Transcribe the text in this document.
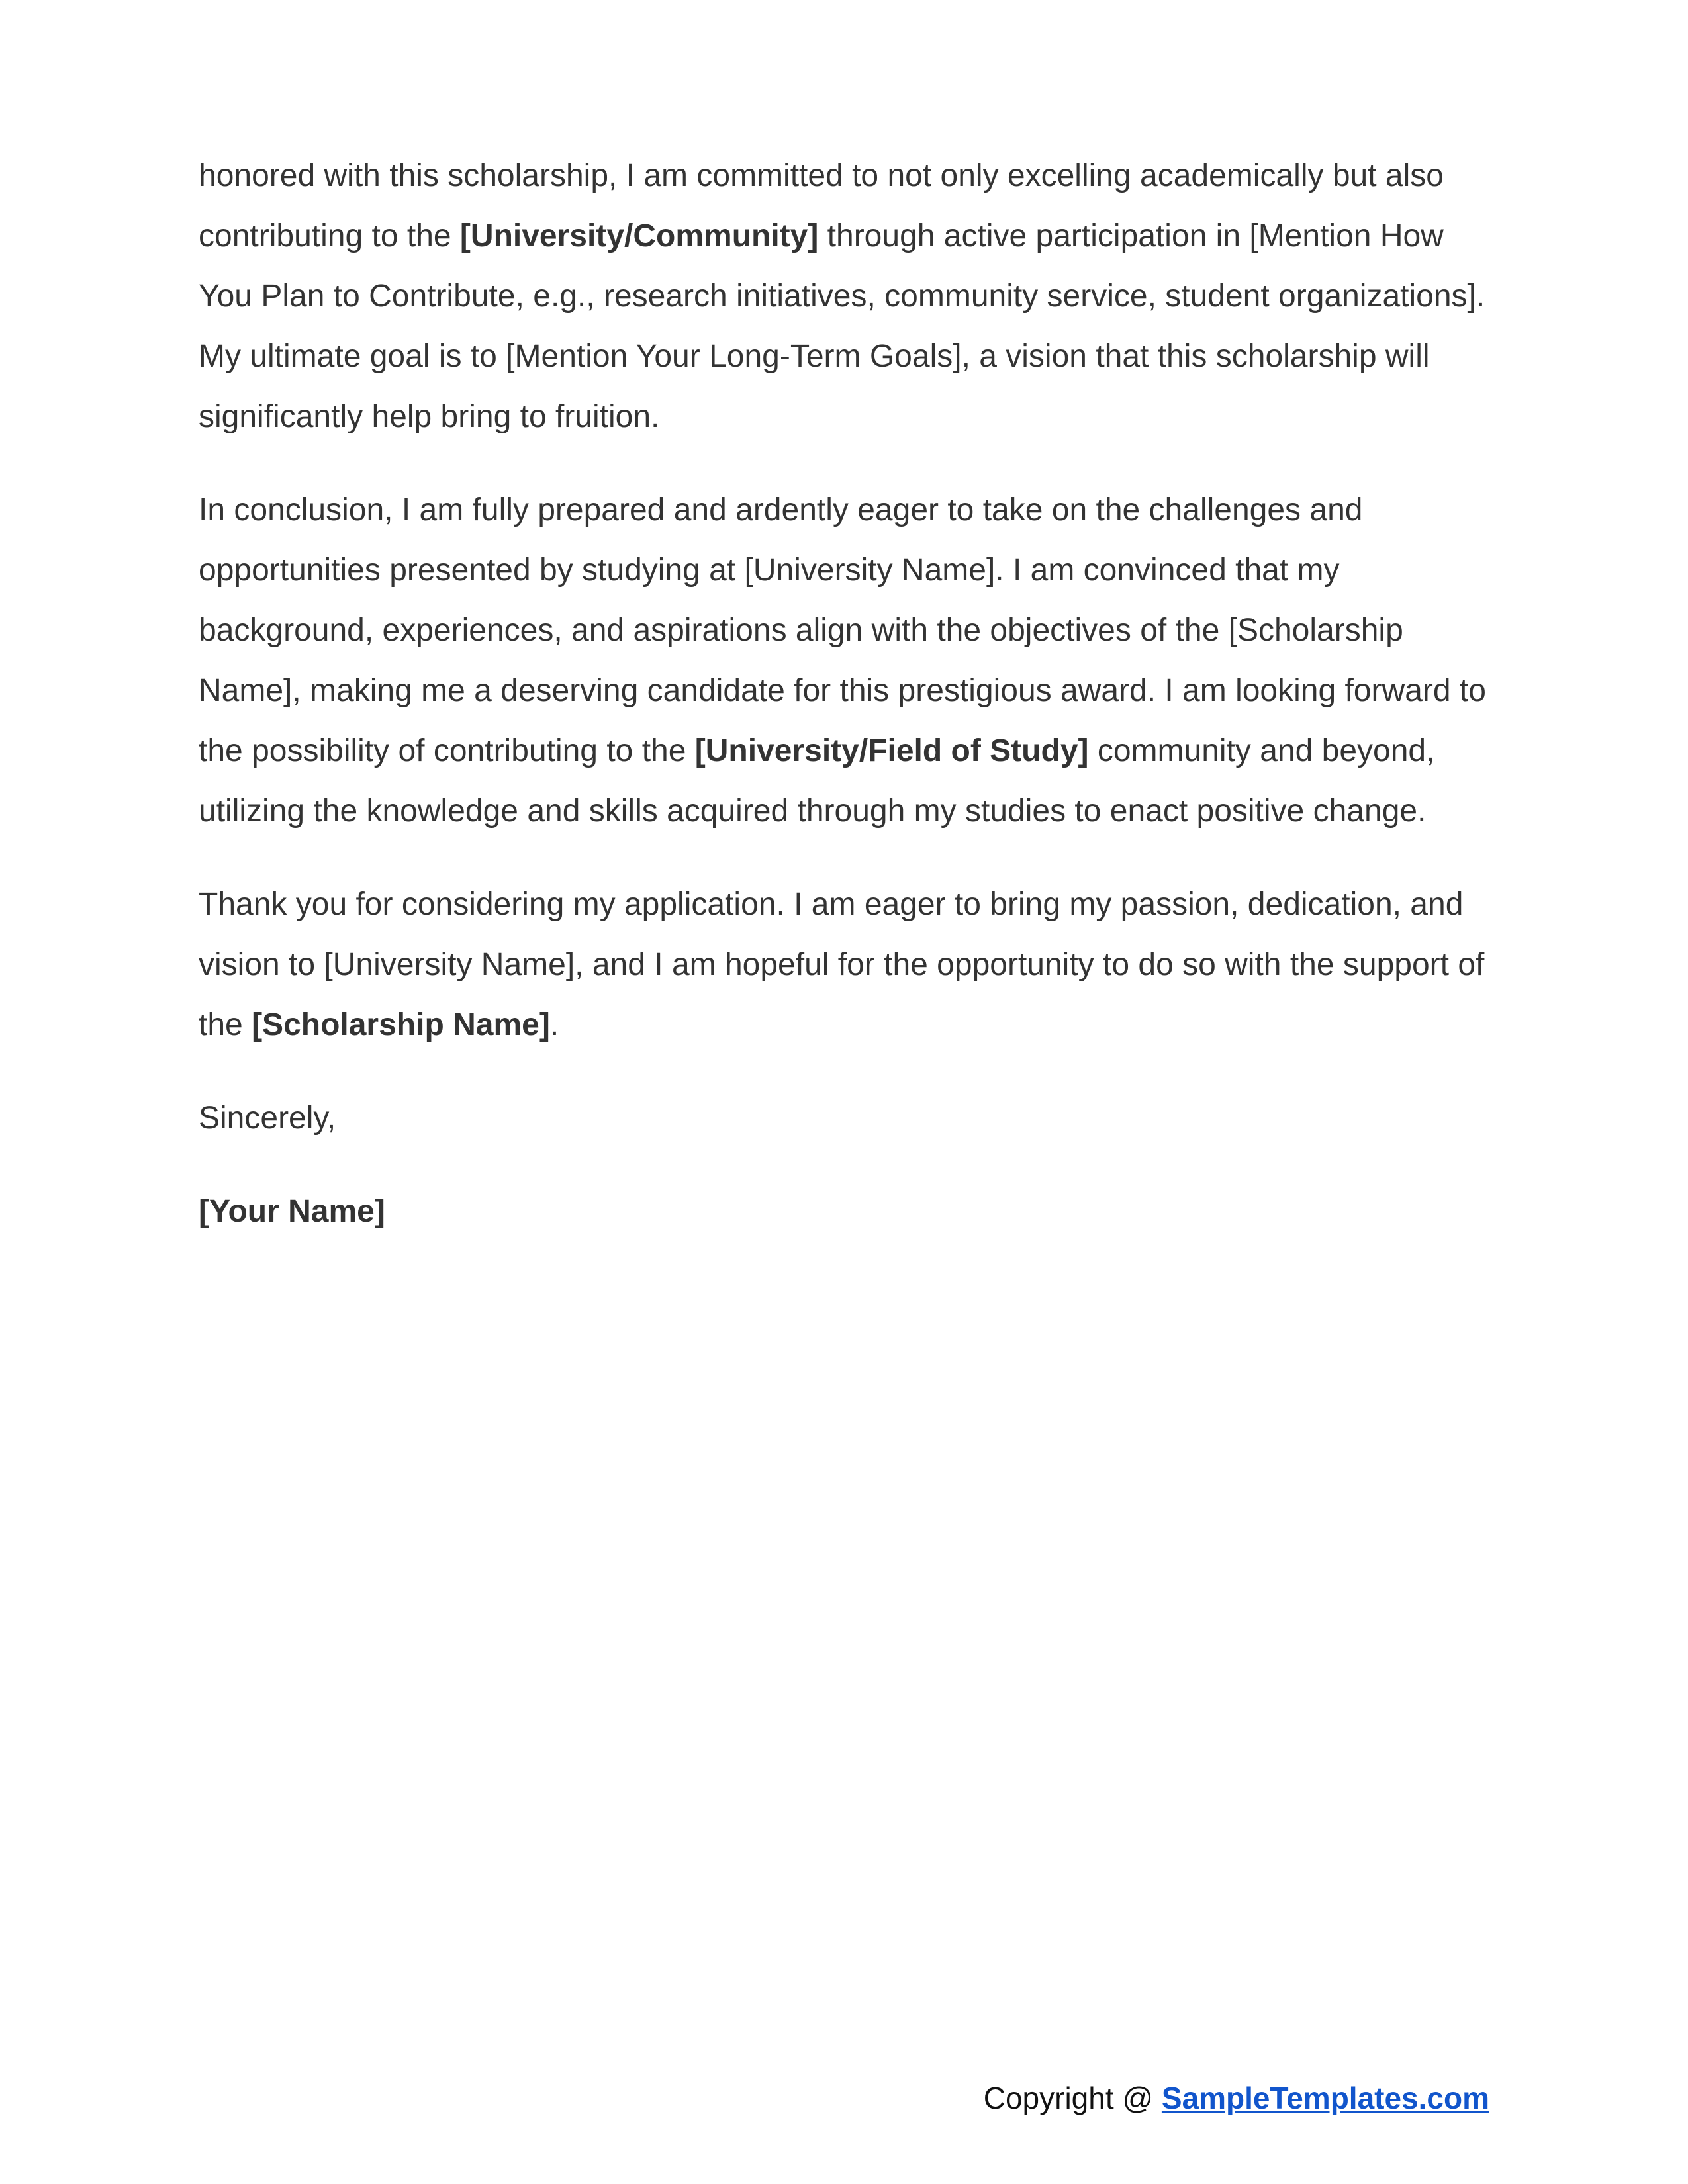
honored with this scholarship, I am committed to not only excelling academically but also contributing to the [University/Community] through active participation in [Mention How You Plan to Contribute, e.g., research initiatives, community service, student organizations]. My ultimate goal is to [Mention Your Long-Term Goals], a vision that this scholarship will significantly help bring to fruition.

In conclusion, I am fully prepared and ardently eager to take on the challenges and opportunities presented by studying at [University Name]. I am convinced that my background, experiences, and aspirations align with the objectives of the [Scholarship Name], making me a deserving candidate for this prestigious award. I am looking forward to the possibility of contributing to the [University/Field of Study] community and beyond, utilizing the knowledge and skills acquired through my studies to enact positive change.

Thank you for considering my application. I am eager to bring my passion, dedication, and vision to [University Name], and I am hopeful for the opportunity to do so with the support of the [Scholarship Name].

Sincerely,

[Your Name]

Copyright @ SampleTemplates.com
